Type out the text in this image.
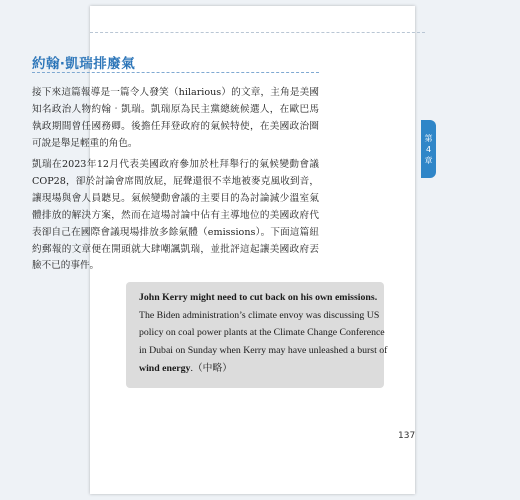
約翰‧凱瑞排廢氣
接下來這篇報導是一篇令人發笑（hilarious）的文章，主角是美國知名政治人物約翰‧凱瑞。凱瑞原為民主黨總統候選人，在歐巴馬執政期間曾任國務卿。後擔任拜登政府的氣候特使，在美國政治圈可說是舉足輕重的角色。
凱瑞在2023年12月代表美國政府參加於杜拜舉行的氣候變動會議COP28，卻於討論會席間放屁，屁聲還很不幸地被麥克風收到音，讓現場與會人員聽見。氣候變動會議的主要目的為討論減少溫室氣體排放的解決方案，然而在這場討論中佔有主導地位的美國政府代表卻自己在國際會議現場排放多餘氣體（emissions）。下面這篇紐約郵報的文章便在開頭就大肆嘲諷凱瑞，並批評這起讓美國政府丟臉不已的事件。
John Kerry might need to cut back on his own emissions.
The Biden administration’s climate envoy was discussing US
policy on coal power plants at the Climate Change Conference
in Dubai on Sunday when Kerry may have unleashed a burst of
wind energy.（中略）
第
4
章
137
